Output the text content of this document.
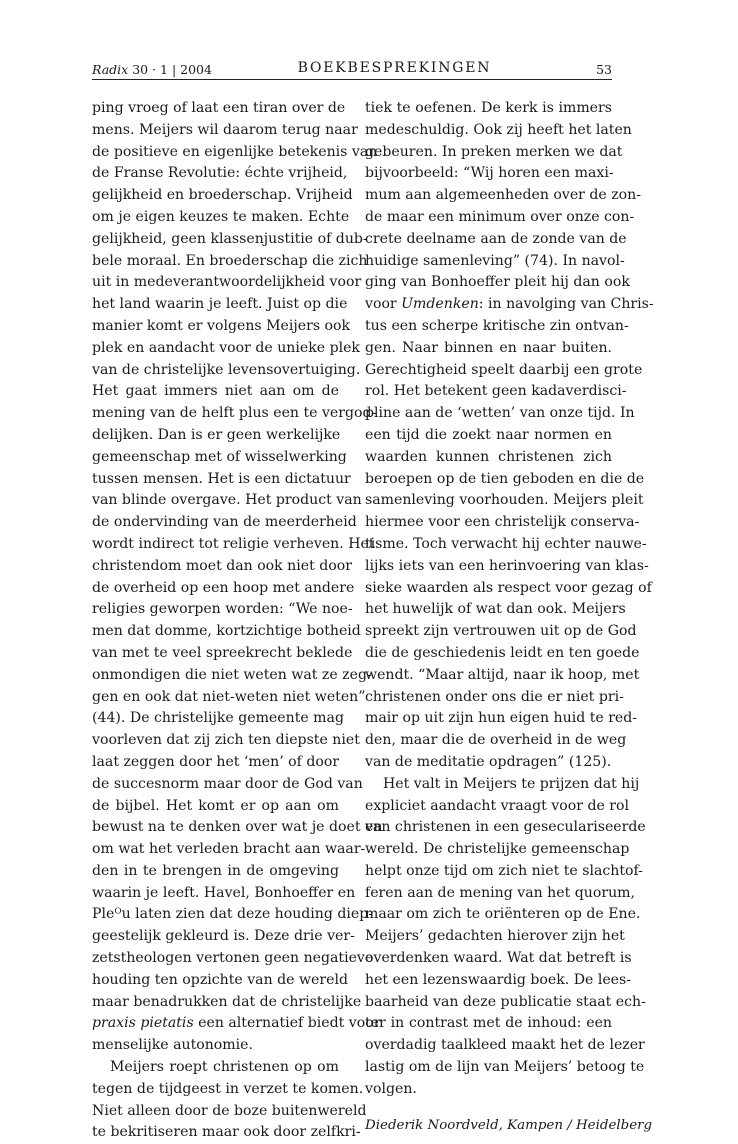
Radix 30 · 1 | 2004	BOEKBESPREKINGEN	53
ping vroeg of laat een tiran over de
mens. Meijers wil daarom terug naar
de positieve en eigenlijke betekenis van
de Franse Revolutie: échte vrijheid,
gelijkheid en broederschap. Vrijheid
om je eigen keuzes te maken. Echte
gelijkheid, geen klassenjustitie of dub-
bele moraal. En broederschap die zich
uit in medeverantwoordelijkheid voor
het land waarin je leeft. Juist op die
manier komt er volgens Meijers ook
plek en aandacht voor de unieke plek
van de christelijke levensovertuiging.
Het gaat immers niet aan om de
mening van de helft plus een te vergod-
delijken. Dan is er geen werkelijke
gemeenschap met of wisselwerking
tussen mensen. Het is een dictatuur
van blinde overgave. Het product van
de ondervinding van de meerderheid
wordt indirect tot religie verheven. Het
christendom moet dan ook niet door
de overheid op een hoop met andere
religies geworpen worden: “We noe-
men dat domme, kortzichtige botheid
van met te veel spreekrecht beklede
onmondigen die niet weten wat ze zeg-
gen en ook dat niet-weten niet weten”
(44). De christelijke gemeente mag
voorleven dat zij zich ten diepste niet
laat zeggen door het ‘men’ of door
de succesnorm maar door de God van
de bijbel. Het komt er op aan om
bewust na te denken over wat je doet en
om wat het verleden bracht aan waar-
den in te brengen in de omgeving
waarin je leeft. Havel, Bonhoeffer en
Pleᴼu laten zien dat deze houding diep-
geestelijk gekleurd is. Deze drie ver-
zetstheologen vertonen geen negatieve
houding ten opzichte van de wereld
maar benadrukken dat de christelijke
praxis pietatis een alternatief biedt voor
menselijke autonomie.
Meijers roept christenen op om
tegen de tijdgeest in verzet te komen.
Niet alleen door de boze buitenwereld
te bekritiseren maar ook door zelfkri-
tiek te oefenen. De kerk is immers
medeschuldig. Ook zij heeft het laten
gebeuren. In preken merken we dat
bijvoorbeeld: “Wij horen een maxi-
mum aan algemeenheden over de zon-
de maar een minimum over onze con-
crete deelname aan de zonde van de
huidige samenleving” (74). In navol-
ging van Bonhoeffer pleit hij dan ook
voor Umdenken: in navolging van Chris-
tus een scherpe kritische zin ontvan-
gen. Naar binnen en naar buiten.
Gerechtigheid speelt daarbij een grote
rol. Het betekent geen kadaverdisci-
pline aan de ‘wetten’ van onze tijd. In
een tijd die zoekt naar normen en
waarden kunnen christenen zich
beroepen op de tien geboden en die de
samenleving voorhouden. Meijers pleit
hiermee voor een christelijk conserva-
tisme. Toch verwacht hij echter nauwe-
lijks iets van een herinvoering van klas-
sieke waarden als respect voor gezag of
het huwelijk of wat dan ook. Meijers
spreekt zijn vertrouwen uit op de God
die de geschiedenis leidt en ten goede
wendt. “Maar altijd, naar ik hoop, met
christenen onder ons die er niet pri-
mair op uit zijn hun eigen huid te red-
den, maar die de overheid in de weg
van de meditatie opdragen” (125).
Het valt in Meijers te prijzen dat hij
expliciet aandacht vraagt voor de rol
van christenen in een geseculariseerde
wereld. De christelijke gemeenschap
helpt onze tijd om zich niet te slachtof-
feren aan de mening van het quorum,
maar om zich te oriënteren op de Ene.
Meijers’ gedachten hierover zijn het
overdenken waard. Wat dat betreft is
het een lezenswaardig boek. De lees-
baarheid van deze publicatie staat ech-
ter in contrast met de inhoud: een
overdadig taalkleed maakt het de lezer
lastig om de lijn van Meijers’ betoog te
volgen.
Diederik Noordveld, Kampen / Heidelberg
